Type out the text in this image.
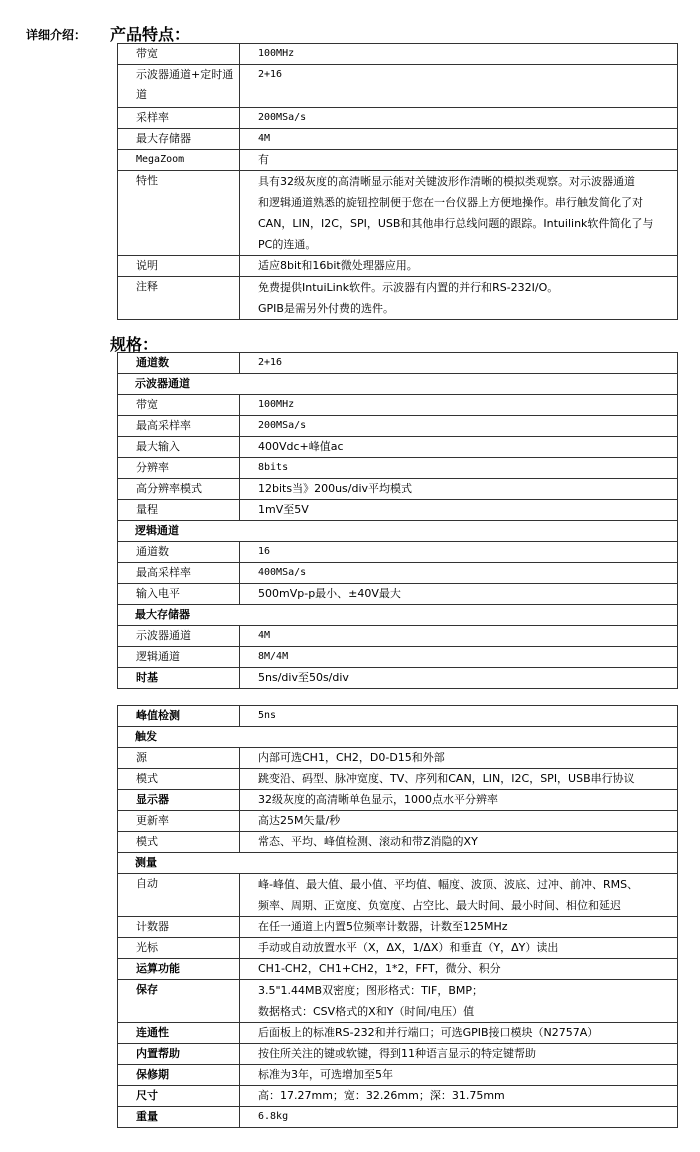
详细介绍： 产品特点：
带宽	100MHz

示波器通道+定时通道	2+16

采样率	200MSa/s

最大存储器	4M

MegaZoom	有

特性	具有32级灰度的高清晰显示能对关键波形作清晰的模拟类观察。对示波器通道
和逻辑通道熟悉的旋钮控制便于您在一台仪器上方便地操作。串行触发简化了对
CAN，LIN，I2C，SPI，USB和其他串行总线问题的跟踪。Intuilink软件简化了与
PC的连通。

说明	适应8bit和16bit微处理器应用。

注释	免费提供IntuiLink软件。示波器有内置的并行和RS-232I/O。
GPIB是需另外付费的选件。
规格：
通道数	2+16

示波器通道	
带宽	100MHz

最高采样率	200MSa/s

最大输入	400Vdc+峰值ac

分辨率	8bits

高分辨率模式	12bits当》200us/div平均模式

量程	1mV至5V

逻辑通道	
通道数	16

最高采样率	400MSa/s

输入电平	500mVp-p最小、±40V最大

最大存储器	
示波器通道	4M

逻辑通道	8M/4M

时基	5ns/div至50s/div
峰值检测	5ns

触发	
源	内部可选CH1，CH2，D0-D15和外部

模式	跳变沿、码型、脉冲宽度、TV、序列和CAN，LIN，I2C，SPI，USB串行协议

显示器	32级灰度的高清晰单色显示，1000点水平分辨率

更新率	高达25M矢量/秒

模式	常态、平均、峰值检测、滚动和带Z消隐的XY

测量	
自动	峰-峰值、最大值、最小值、平均值、幅度、波顶、波底、过冲、前冲、RMS、
频率、周期、正宽度、负宽度、占空比、最大时间、最小时间、相位和延迟

计数器	在任一通道上内置5位频率计数器，计数至125MHz

光标	手动或自动放置水平（X，ΔX，1/ΔX）和垂直（Y，ΔY）读出

运算功能	CH1-CH2，CH1+CH2，1*2，FFT，微分、积分

保存	3.5"1.44MB双密度；图形格式：TIF，BMP；
数据格式：CSV格式的X和Y（时间/电压）值

连通性	后面板上的标准RS-232和并行端口；可选GPIB接口模块（N2757A）

内置帮助	按住所关注的键或软键，得到11种语言显示的特定键帮助

保修期	标准为3年，可选增加至5年

尺寸	高：17.27mm；宽：32.26mm；深：31.75mm

重量	6.8kg
